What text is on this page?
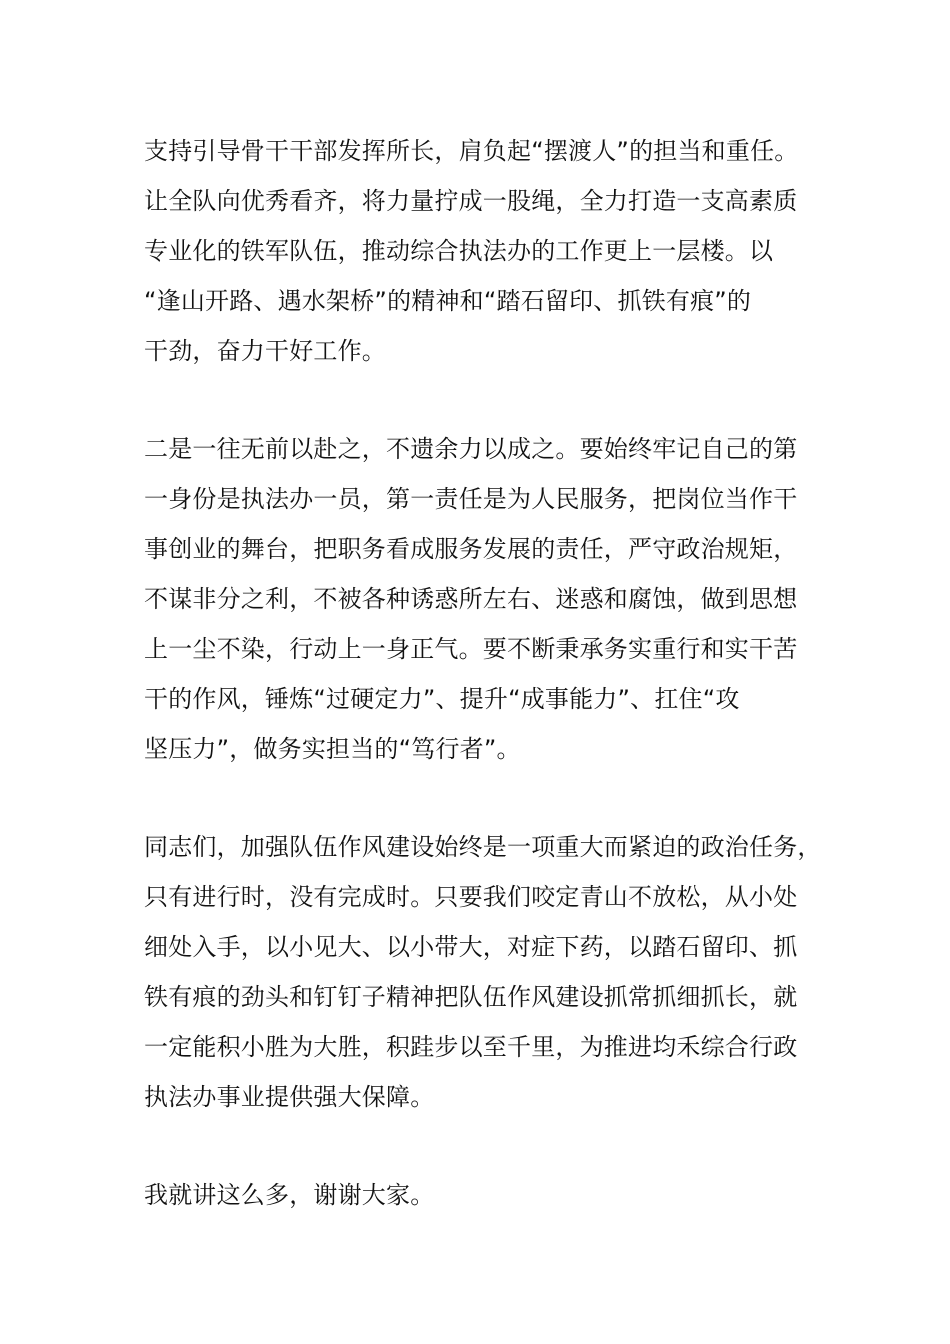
支持引导骨干干部发挥所长，肩负起“摆渡人”的担当和重任。
让全队向优秀看齐，将力量拧成一股绳，全力打造一支高素质
专业化的铁军队伍，推动综合执法办的工作更上一层楼。以
“逢山开路、遇水架桥”的精神和“踏石留印、抓铁有痕”的
干劲，奋力干好工作。
二是一往无前以赴之，不遗余力以成之。要始终牢记自己的第
一身份是执法办一员，第一责任是为人民服务，把岗位当作干
事创业的舞台，把职务看成服务发展的责任，严守政治规矩，
不谋非分之利，不被各种诱惑所左右、迷惑和腐蚀，做到思想
上一尘不染，行动上一身正气。要不断秉承务实重行和实干苦
干的作风，锤炼“过硬定力”、提升“成事能力”、扛住“攻
坚压力”，做务实担当的“笃行者”。
同志们，加强队伍作风建设始终是一项重大而紧迫的政治任务，
只有进行时，没有完成时。只要我们咬定青山不放松，从小处
细处入手，以小见大、以小带大，对症下药，以踏石留印、抓
铁有痕的劲头和钉钉子精神把队伍作风建设抓常抓细抓长，就
一定能积小胜为大胜，积跬步以至千里，为推进均禾综合行政
执法办事业提供强大保障。
我就讲这么多，谢谢大家。
